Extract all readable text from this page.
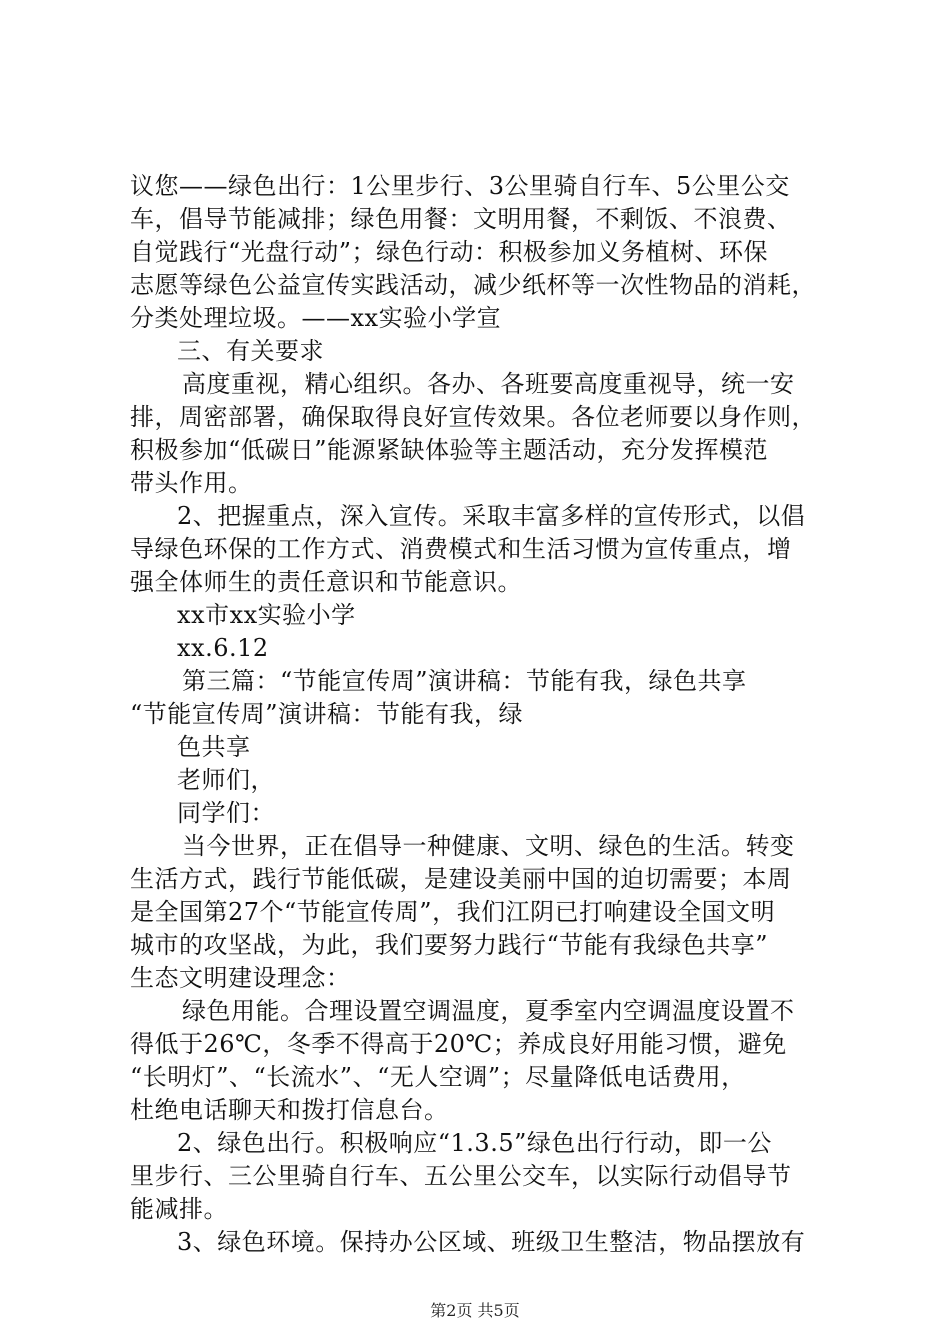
议您——绿色出行：1公里步行、3公里骑自行车、5公里公交
车，倡导节能减排；绿色用餐：文明用餐，不剩饭、不浪费、
自觉践行“光盘行动”；绿色行动：积极参加义务植树、环保
志愿等绿色公益宣传实践活动，减少纸杯等一次性物品的消耗，
分类处理垃圾。——xx实验小学宣
三、有关要求
高度重视，精心组织。各办、各班要高度重视导，统一安
排，周密部署，确保取得良好宣传效果。各位老师要以身作则，
积极参加“低碳日”能源紧缺体验等主题活动，充分发挥模范
带头作用。
2、把握重点，深入宣传。采取丰富多样的宣传形式，以倡
导绿色环保的工作方式、消费模式和生活习惯为宣传重点，增
强全体师生的责任意识和节能意识。
xx市xx实验小学
xx.6.12
第三篇：“节能宣传周”演讲稿：节能有我，绿色共享
“节能宣传周”演讲稿：节能有我，绿
色共享
老师们，
同学们：
当今世界，正在倡导一种健康、文明、绿色的生活。转变
生活方式，践行节能低碳，是建设美丽中国的迫切需要；本周
是全国第27个“节能宣传周”，我们江阴已打响建设全国文明
城市的攻坚战，为此，我们要努力践行“节能有我绿色共享”
生态文明建设理念：
绿色用能。合理设置空调温度，夏季室内空调温度设置不
得低于26℃，冬季不得高于20℃；养成良好用能习惯，避免
“长明灯”、“长流水”、“无人空调”；尽量降低电话费用，
杜绝电话聊天和拨打信息台。
2、绿色出行。积极响应“1.3.5”绿色出行行动，即一公
里步行、三公里骑自行车、五公里公交车，以实际行动倡导节
能减排。
3、绿色环境。保持办公区域、班级卫生整洁，物品摆放有
第2页 共5页
